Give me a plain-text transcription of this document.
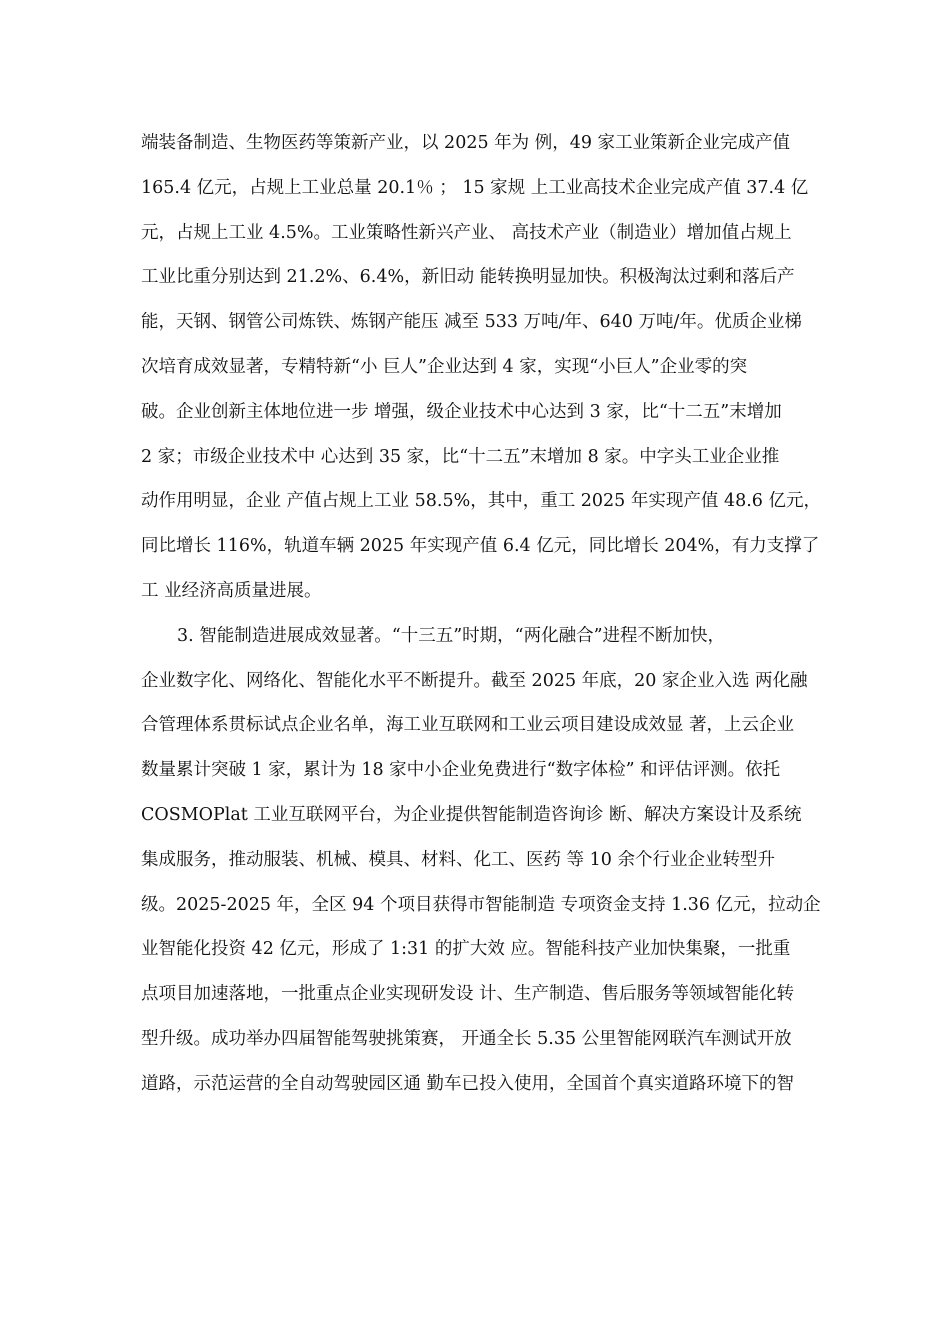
端装备制造、生物医药等策新产业，以 2025 年为 例，49 家工业策新企业完成产值
165.4 亿元，占规上工业总量 20.1％ ； 15 家规 上工业高技术企业完成产值 37.4 亿
元，占规上工业 4.5%。工业策略性新兴产业、 高技术产业（制造业）增加值占规上
工业比重分别达到 21.2%、6.4%，新旧动 能转换明显加快。积极淘汰过剩和落后产
能，天钢、钢管公司炼铁、炼钢产能压 减至 533 万吨/年、640 万吨/年。优质企业梯
次培育成效显著，专精特新“小 巨人”企业达到 4 家，实现“小巨人”企业零的突
破。企业创新主体地位进一步 增强，级企业技术中心达到 3 家，比“十二五”末增加
2 家；市级企业技术中 心达到 35 家，比“十二五”末增加 8 家。中字头工业企业推
动作用明显，企业 产值占规上工业 58.5%，其中，重工 2025 年实现产值 48.6 亿元，
同比增长 116%，轨道车辆 2025 年实现产值 6.4 亿元，同比增长 204%，有力支撑了
工 业经济高质量进展。
3. 智能制造进展成效显著。“十三五”时期，“两化融合”进程不断加快，
企业数字化、网络化、智能化水平不断提升。截至 2025 年底，20 家企业入选 两化融
合管理体系贯标试点企业名单，海工业互联网和工业云项目建设成效显 著，上云企业
数量累计突破 1 家，累计为 18 家中小企业免费进行“数字体检” 和评估评测。依托
COSMOPlat 工业互联网平台，为企业提供智能制造咨询诊 断、解决方案设计及系统
集成服务，推动服装、机械、模具、材料、化工、医药 等 10 余个行业企业转型升
级。2025-2025 年，全区 94 个项目获得市智能制造 专项资金支持 1.36 亿元，拉动企
业智能化投资 42 亿元，形成了 1:31 的扩大效 应。智能科技产业加快集聚，一批重
点项目加速落地，一批重点企业实现研发设 计、生产制造、售后服务等领域智能化转
型升级。成功举办四届智能驾驶挑策赛， 开通全长 5.35 公里智能网联汽车测试开放
道路，示范运营的全自动驾驶园区通 勤车已投入使用，全国首个真实道路环境下的智
